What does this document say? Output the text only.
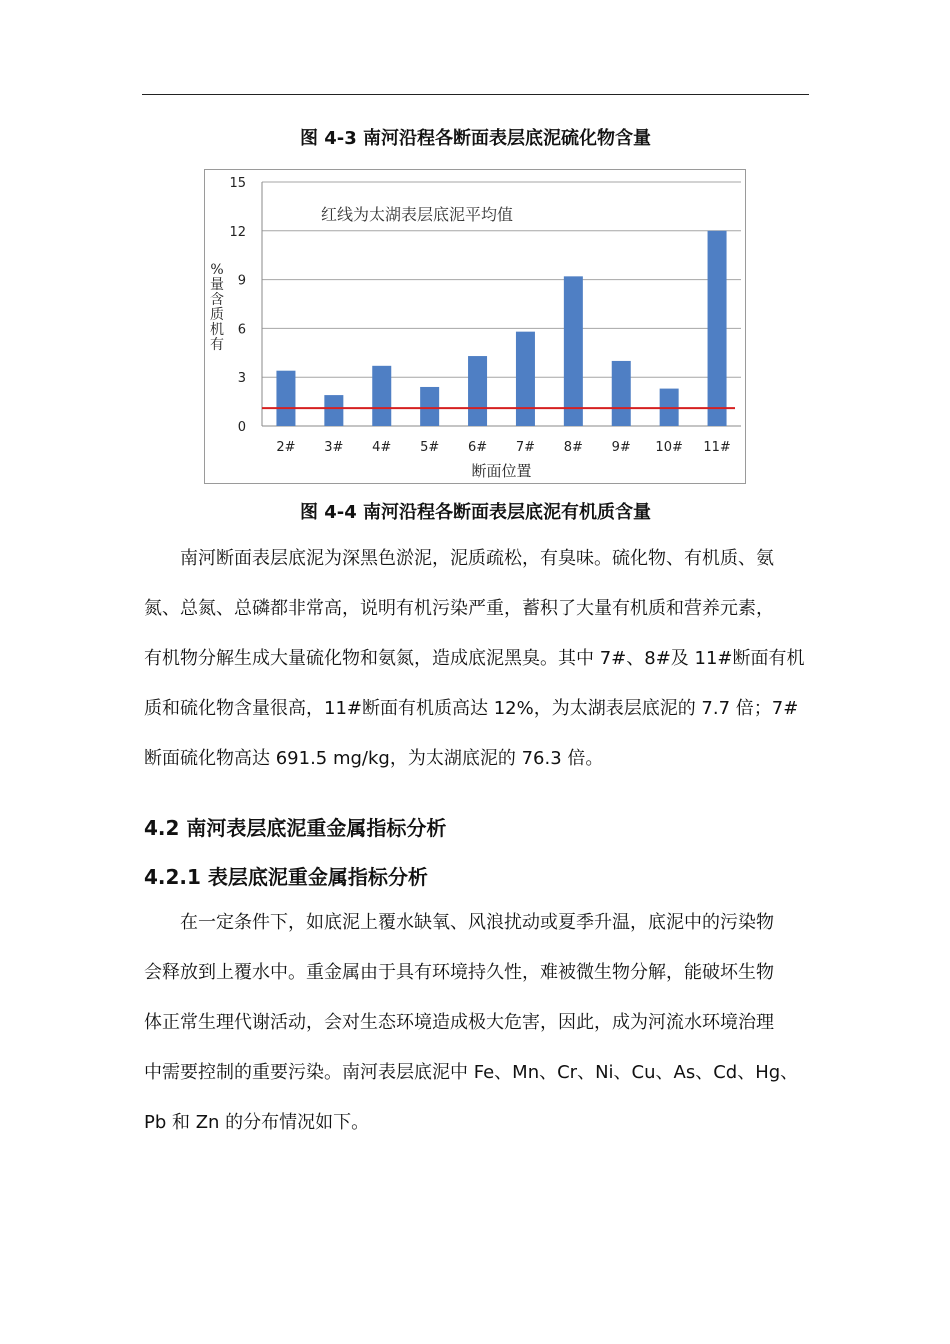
图 4-3 南河沿程各断面表层底泥硫化物含量
0
3
6
9
12
15
2# 3# 4# 5# 6# 7# 8# 9# 10# 11#
红线为太湖表层底泥平均值
断面位置
%
量
含
质
机
有
图 4-4 南河沿程各断面表层底泥有机质含量
南河断面表层底泥为深黑色淤泥，泥质疏松，有臭味。硫化物、有机质、氨
氮、总氮、总磷都非常高，说明有机污染严重，蓄积了大量有机质和营养元素，
有机物分解生成大量硫化物和氨氮，造成底泥黑臭。其中 7#、8#及 11#断面有机
质和硫化物含量很高，11#断面有机质高达 12%，为太湖表层底泥的 7.7 倍；7#
断面硫化物高达 691.5 mg/kg，为太湖底泥的 76.3 倍。
4.2 南河表层底泥重金属指标分析
4.2.1 表层底泥重金属指标分析
在一定条件下，如底泥上覆水缺氧、风浪扰动或夏季升温，底泥中的污染物
会释放到上覆水中。重金属由于具有环境持久性，难被微生物分解，能破坏生物
体正常生理代谢活动，会对生态环境造成极大危害，因此，成为河流水环境治理
中需要控制的重要污染。南河表层底泥中 Fe、Mn、Cr、Ni、Cu、As、Cd、Hg、
Pb 和 Zn 的分布情况如下。
